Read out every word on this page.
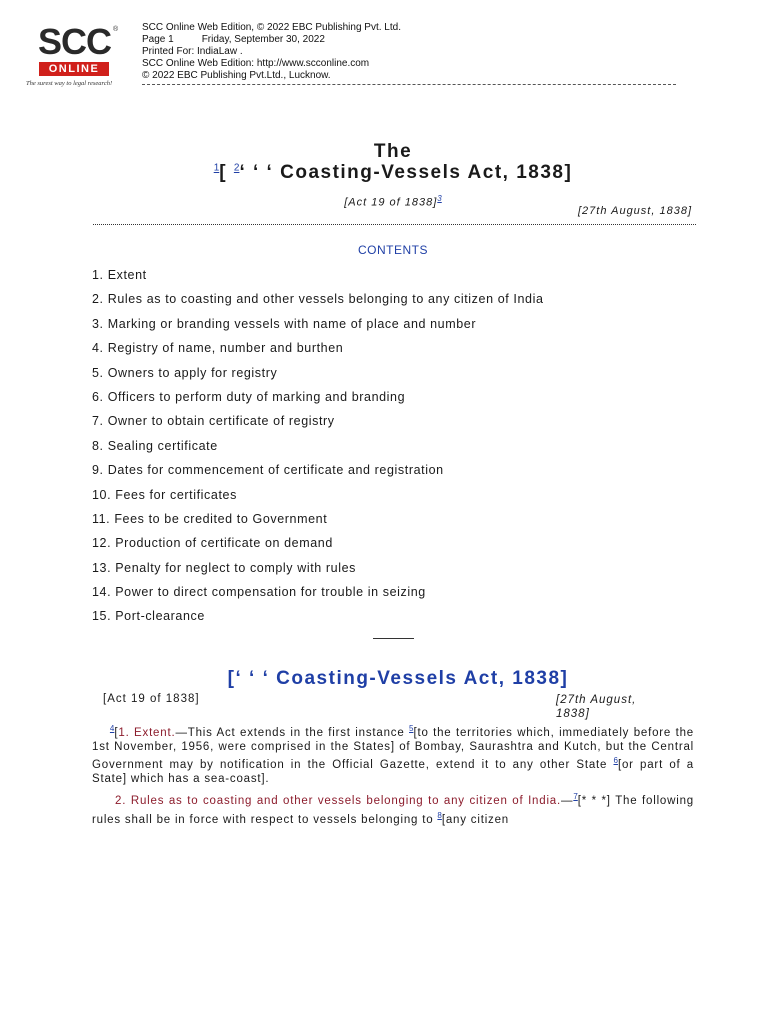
SCC ®
ONLINE
The surest way to legal research!
SCC Online Web Edition, © 2022 EBC Publishing Pvt. Ltd.
Page 1	Friday, September 30, 2022
Printed For: IndiaLaw .
SCC Online Web Edition: http://www.scconline.com
© 2022 EBC Publishing Pvt.Ltd., Lucknow.
The
$^1$[ $^2$‘ ‘ ‘ Coasting-Vessels Act, 1838]
[Act 19 of 1838]$^3$
[27th August, 1838]
CONTENTS
1. Extent
2. Rules as to coasting and other vessels belonging to any citizen of India
3. Marking or branding vessels with name of place and number
4. Registry of name, number and burthen
5. Owners to apply for registry
6. Officers to perform duty of marking and branding
7. Owner to obtain certificate of registry
8. Sealing certificate
9. Dates for commencement of certificate and registration
10. Fees for certificates
11. Fees to be credited to Government
12. Production of certificate on demand
13. Penalty for neglect to comply with rules
14. Power to direct compensation for trouble in seizing
15. Port-clearance
[‘ ‘ ‘ Coasting-Vessels Act, 1838]
[Act 19 of 1838]	[27th August,
1838]
$^4$[1. Extent.—This Act extends in the first instance $^5$[to the territories which, immediately before the 1st November, 1956, were comprised in the States] of Bombay, Saurashtra and Kutch, but the Central Government may by notification in the Official Gazette, extend it to any other State $^6$[or part of a State] which has a sea-coast].
2. Rules as to coasting and other vessels belonging to any citizen of India.—$^7$[* * *] The following rules shall be in force with respect to vessels belonging to $^8$[any citizen
